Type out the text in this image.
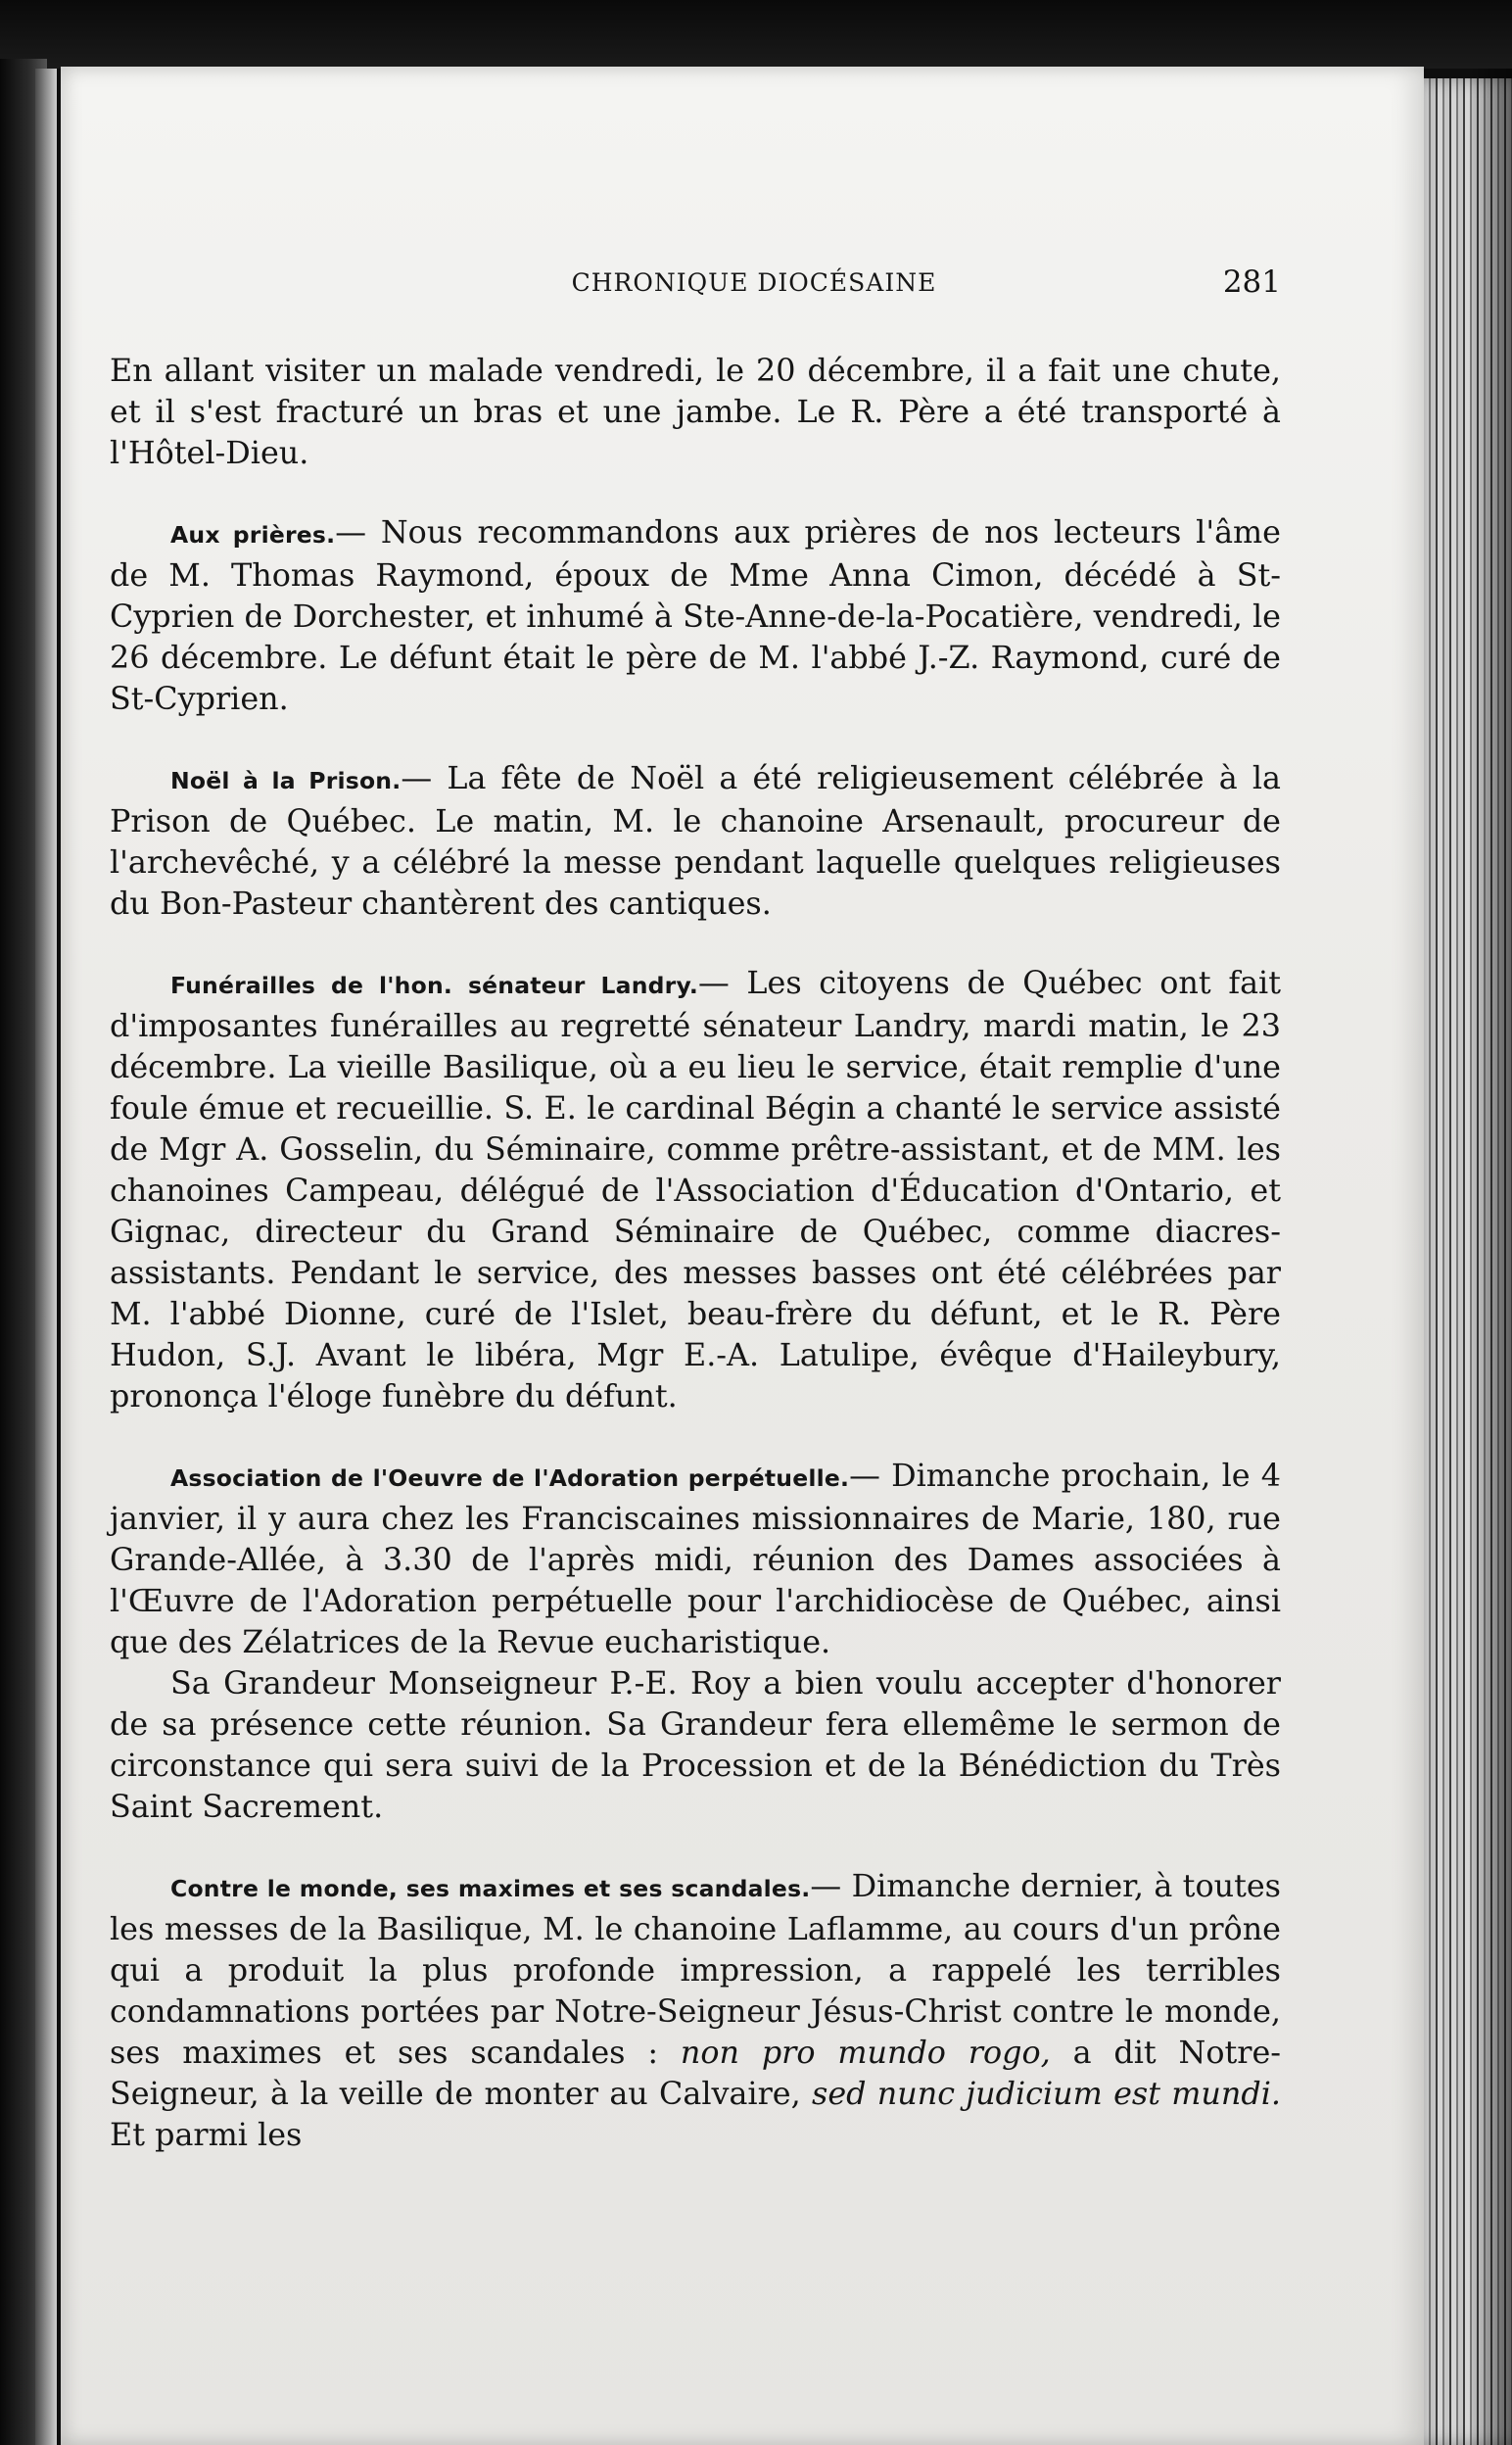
CHRONIQUE DIOCÉSAINE	281

En allant visiter un malade vendredi, le 20 décembre, il a fait une chute, et il s'est fracturé un bras et une jambe. Le R. Père a été transporté à l'Hôtel-Dieu.

Aux prières.— Nous recommandons aux prières de nos lecteurs l'âme de M. Thomas Raymond, époux de Mme Anna Cimon, décédé à St-Cyprien de Dorchester, et inhumé à Ste-Anne-de-la-Pocatière, vendredi, le 26 décembre. Le défunt était le père de M. l'abbé J.-Z. Raymond, curé de St-Cyprien.

Noël à la Prison.— La fête de Noël a été religieusement célébrée à la Prison de Québec. Le matin, M. le chanoine Arsenault, procureur de l'archevêché, y a célébré la messe pendant laquelle quelques religieuses du Bon-Pasteur chantèrent des cantiques.

Funérailles de l'hon. sénateur Landry.— Les citoyens de Québec ont fait d'imposantes funérailles au regretté sénateur Landry, mardi matin, le 23 décembre. La vieille Basilique, où a eu lieu le service, était remplie d'une foule émue et recueillie. S. E. le cardinal Bégin a chanté le service assisté de Mgr A. Gosselin, du Séminaire, comme prêtre-assistant, et de MM. les chanoines Campeau, délégué de l'Association d'Éducation d'Ontario, et Gignac, directeur du Grand Séminaire de Québec, comme diacres-assistants. Pendant le service, des messes basses ont été célébrées par M. l'abbé Dionne, curé de l'Islet, beau-frère du défunt, et le R. Père Hudon, S.J. Avant le libéra, Mgr E.-A. Latulipe, évêque d'Haileybury, prononça l'éloge funèbre du défunt.

Association de l'Oeuvre de l'Adoration perpétuelle.— Dimanche prochain, le 4 janvier, il y aura chez les Franciscaines missionnaires de Marie, 180, rue Grande-Allée, à 3.30 de l'après midi, réunion des Dames associées à l'Œuvre de l'Adoration perpétuelle pour l'archidiocèse de Québec, ainsi que des Zélatrices de la Revue eucharistique.

Sa Grandeur Monseigneur P.-E. Roy a bien voulu accepter d'honorer de sa présence cette réunion. Sa Grandeur fera ellemême le sermon de circonstance qui sera suivi de la Procession et de la Bénédiction du Très Saint Sacrement.

Contre le monde, ses maximes et ses scandales.— Dimanche dernier, à toutes les messes de la Basilique, M. le chanoine Laflamme, au cours d'un prône qui a produit la plus profonde impression, a rappelé les terribles condamnations portées par Notre-Seigneur Jésus-Christ contre le monde, ses maximes et ses scandales : non pro mundo rogo, a dit Notre-Seigneur, à la veille de monter au Calvaire, sed nunc judicium est mundi. Et parmi les
